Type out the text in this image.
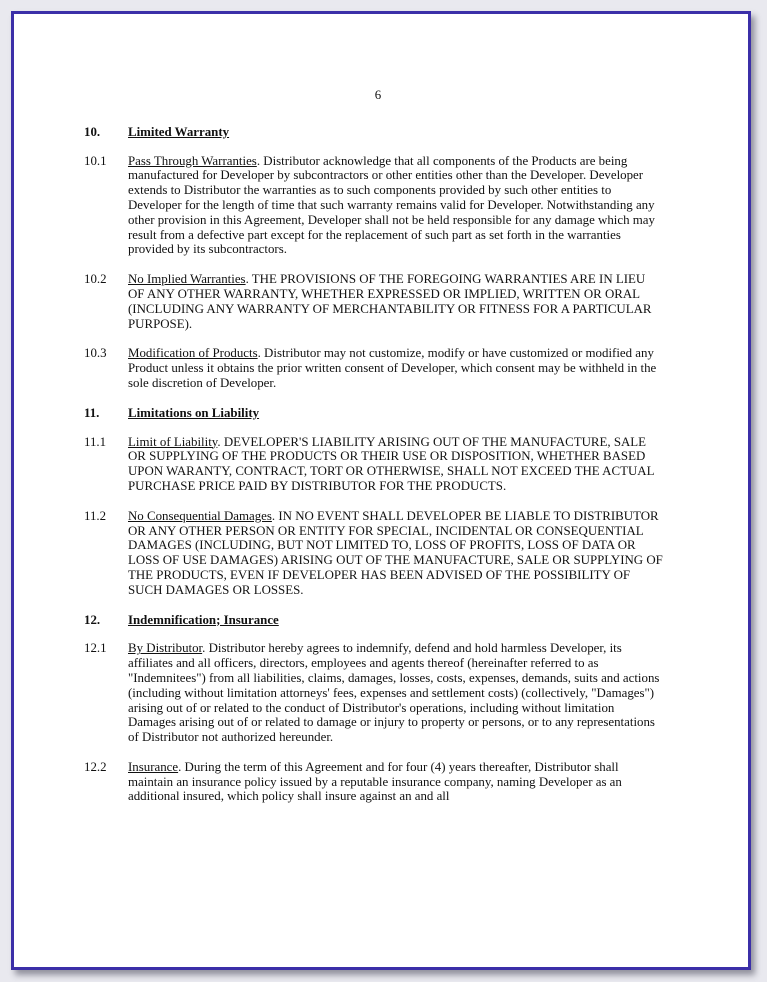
6
10.	Limited Warranty
10.1	Pass Through Warranties. Distributor acknowledge that all components of the Products are being manufactured for Developer by subcontractors or other entities other than the Developer. Developer extends to Distributor the warranties as to such components provided by such other entities to Developer for the length of time that such warranty remains valid for Developer. Notwithstanding any other provision in this Agreement, Developer shall not be held responsible for any damage which may result from a defective part except for the replacement of such part as set forth in the warranties provided by its subcontractors.
10.2	No Implied Warranties. THE PROVISIONS OF THE FOREGOING WARRANTIES ARE IN LIEU OF ANY OTHER WARRANTY, WHETHER EXPRESSED OR IMPLIED, WRITTEN OR ORAL (INCLUDING ANY WARRANTY OF MERCHANTABILITY OR FITNESS FOR A PARTICULAR PURPOSE).
10.3	Modification of Products. Distributor may not customize, modify or have customized or modified any Product unless it obtains the prior written consent of Developer, which consent may be withheld in the sole discretion of Developer.
11.	Limitations on Liability
11.1	Limit of Liability. DEVELOPER'S LIABILITY ARISING OUT OF THE MANUFACTURE, SALE OR SUPPLYING OF THE PRODUCTS OR THEIR USE OR DISPOSITION, WHETHER BASED UPON WARANTY, CONTRACT, TORT OR OTHERWISE, SHALL NOT EXCEED THE ACTUAL PURCHASE PRICE PAID BY DISTRIBUTOR FOR THE PRODUCTS.
11.2	No Consequential Damages. IN NO EVENT SHALL DEVELOPER BE LIABLE TO DISTRIBUTOR OR ANY OTHER PERSON OR ENTITY FOR SPECIAL, INCIDENTAL OR CONSEQUENTIAL DAMAGES (INCLUDING, BUT NOT LIMITED TO, LOSS OF PROFITS, LOSS OF DATA OR LOSS OF USE DAMAGES) ARISING OUT OF THE MANUFACTURE, SALE OR SUPPLYING OF THE PRODUCTS, EVEN IF DEVELOPER HAS BEEN ADVISED OF THE POSSIBILITY OF SUCH DAMAGES OR LOSSES.
12.	Indemnification; Insurance
12.1	By Distributor. Distributor hereby agrees to indemnify, defend and hold harmless Developer, its affiliates and all officers, directors, employees and agents thereof (hereinafter referred to as "Indemnitees") from all liabilities, claims, damages, losses, costs, expenses, demands, suits and actions (including without limitation attorneys' fees, expenses and settlement costs) (collectively, "Damages") arising out of or related to the conduct of Distributor's operations, including without limitation Damages arising out of or related to damage or injury to property or persons, or to any representations of Distributor not authorized hereunder.
12.2	Insurance. During the term of this Agreement and for four (4) years thereafter, Distributor shall maintain an insurance policy issued by a reputable insurance company, naming Developer as an additional insured, which policy shall insure against an and all
